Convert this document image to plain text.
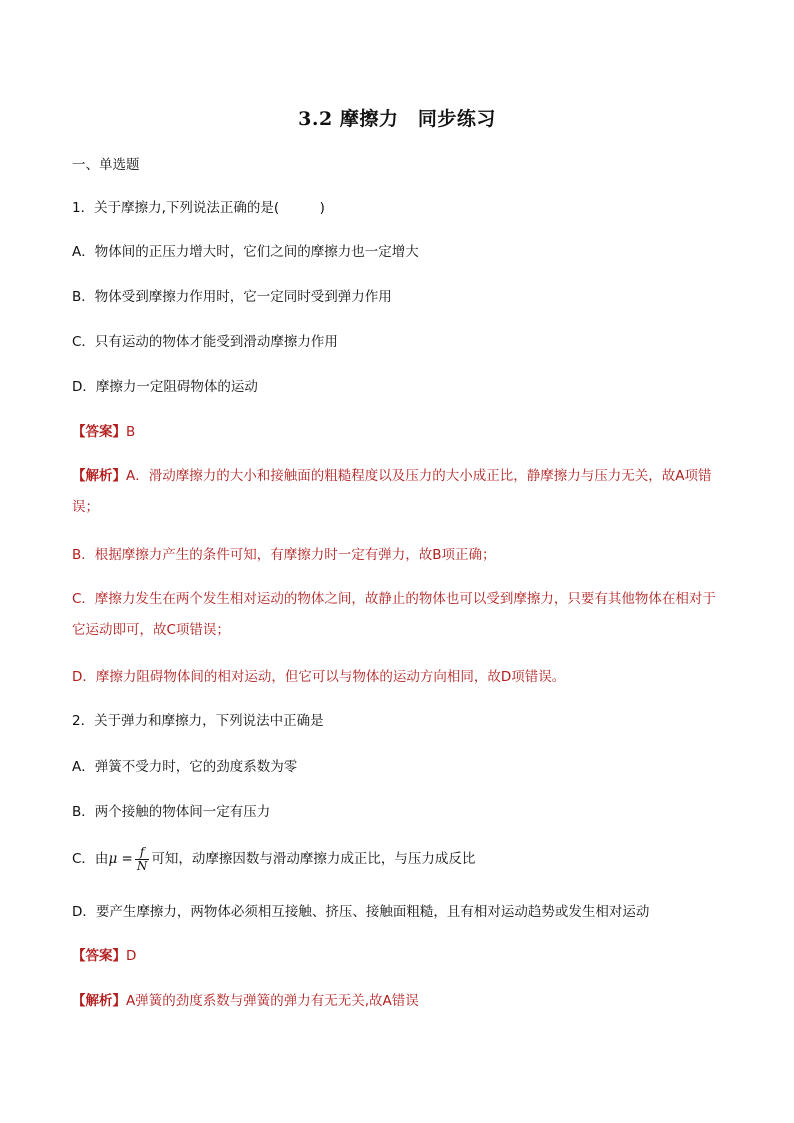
3.2 摩擦力　同步练习
一、单选题
1．关于摩擦力,下列说法正确的是(　　　)
A．物体间的正压力增大时，它们之间的摩擦力也一定增大
B．物体受到摩擦力作用时，它一定同时受到弹力作用
C．只有运动的物体才能受到滑动摩擦力作用
D．摩擦力一定阻碍物体的运动
【答案】B
【解析】A．滑动摩擦力的大小和接触面的粗糙程度以及压力的大小成正比，静摩擦力与压力无关，故A项错误；
B．根据摩擦力产生的条件可知，有摩擦力时一定有弹力，故B项正确；
C．摩擦力发生在两个发生相对运动的物体之间，故静止的物体也可以受到摩擦力，只要有其他物体在相对于它运动即可，故C项错误；
D．摩擦力阻碍物体间的相对运动，但它可以与物体的运动方向相同，故D项错误。
2．关于弹力和摩擦力，下列说法中正确是
A．弹簧不受力时，它的劲度系数为零
B．两个接触的物体间一定有压力
C．由$\mu = \frac{f}{N}$ 可知，动摩擦因数与滑动摩擦力成正比，与压力成反比
D．要产生摩擦力，两物体必须相互接触、挤压、接触面粗糙，且有相对运动趋势或发生相对运动
【答案】D
【解析】A弹簧的劲度系数与弹簧的弹力有无无关,故A错误
